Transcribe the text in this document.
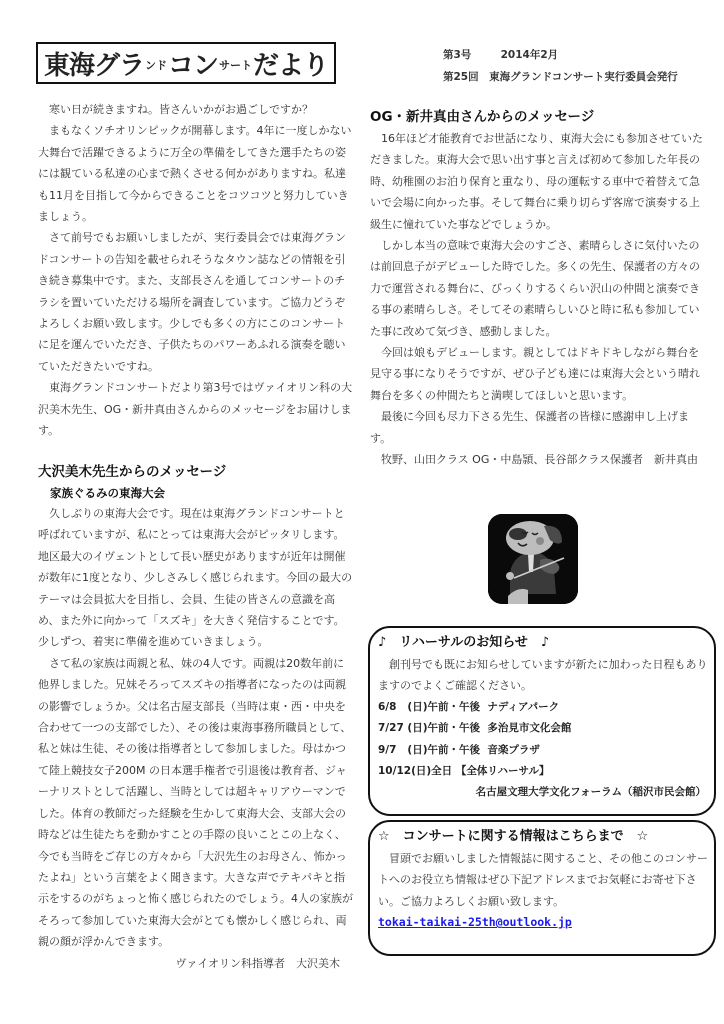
東海グラ ンド コン サート だより	第3号	2014年2月
第25回　東海グランドコンサート実行委員会発行

寒い日が続きますね。皆さんいかがお過ごしですか？

まもなくソチオリンピックが開幕します。4年に一度しかない大舞台で活躍できるように万全の準備をしてきた選手たちの姿には観ている私達の心まで熱くさせる何かがありますね。私達も11月を目指して今からできることをコツコツと努力していきましょう。

さて前号でもお願いしましたが、実行委員会では東海グランドコンサートの告知を載せられそうなタウン誌などの情報を引き続き募集中です。また、支部長さんを通してコンサートのチラシを置いていただける場所を調査しています。ご協力どうぞよろしくお願い致します。少しでも多くの方にこのコンサートに足を運んでいただき、子供たちのパワーあふれる演奏を聴いていただきたいですね。

東海グランドコンサートだより第3号ではヴァイオリン科の大沢美木先生、OG・新井真由さんからのメッセージをお届けします。

大沢美木先生からのメッセージ
家族ぐるみの東海大会

久しぶりの東海大会です。現在は東海グランドコンサートと呼ばれていますが、私にとっては東海大会がピッタリします。地区最大のイヴェントとして長い歴史がありますが近年は開催が数年に1度となり、少しさみしく感じられます。今回の最大のテーマは会員拡大を目指し、会員、生徒の皆さんの意識を高め、また外に向かって「スズキ」を大きく発信することです。少しずつ、着実に準備を進めていきましょう。

さて私の家族は両親と私、妹の4人です。両親は20数年前に他界しました。兄妹そろってスズキの指導者になったのは両親の影響でしょうか。父は名古屋支部長（当時は東・西・中央を合わせて一つの支部でした）、その後は東海事務所職員として、私と妹は生徒、その後は指導者として参加しました。母はかつて陸上競技女子200M の日本選手権者で引退後は教育者、ジャーナリストとして活躍し、当時としては超キャリアウーマンでした。体育の教師だった経験を生かして東海大会、支部大会の時などは生徒たちを動かすことの手際の良いことこの上なく、今でも当時をご存じの方々から「大沢先生のお母さん、怖かったよね」という言葉をよく聞きます。大きな声でテキパキと指示をするのがちょっと怖く感じられたのでしょう。4人の家族がそろって参加していた東海大会がとても懐かしく感じられ、両親の顔が浮かんできます。

ヴァイオリン科指導者　大沢美木
OG・新井真由さんからのメッセージ

16年ほど才能教育でお世話になり、東海大会にも参加させていただきました。東海大会で思い出す事と言えば初めて参加した年長の時、幼稚園のお泊り保育と重なり、母の運転する車中で着替えて急いで会場に向かった事。そして舞台に乗り切らず客席で演奏する上級生に憧れていた事などでしょうか。

しかし本当の意味で東海大会のすごさ、素晴らしさに気付いたのは前回息子がデビューした時でした。多くの先生、保護者の方々の力で運営される舞台に、びっくりするくらい沢山の仲間と演奏できる事の素晴らしさ。そしてその素晴らしいひと時に私も参加していた事に改めて気づき、感動しました。

今回は娘もデビューします。親としてはドキドキしながら舞台を見守る事になりそうですが、ぜひ子ども達には東海大会という晴れ舞台を多くの仲間たちと満喫してほしいと思います。

最後に今回も尽力下さる先生、保護者の皆様に感謝申し上げます。

牧野、山田クラス OG・中島頴、長谷部クラス保護者　新井真由

♪　リハーサルのお知らせ　♪

創刊号でも既にお知らせしていますが新たに加わった日程もありますのでよくご確認ください。

6/8 (日)午前・午後 ナディアパーク
7/27 (日)午前・午後 多治見市文化会館
9/7 (日)午前・午後 音楽プラザ
10/12(日)全日 【全体リハーサル】
名古屋文理大学文化フォーラム（稲沢市民会館）
☆　コンサートに関する情報はこちらまで　☆

冒頭でお願いしました情報誌に関すること、その他このコンサートへのお役立ち情報はぜひ下記アドレスまでお気軽にお寄せ下さい。ご協力よろしくお願い致します。

tokai-taikai-25th@outlook.jp
